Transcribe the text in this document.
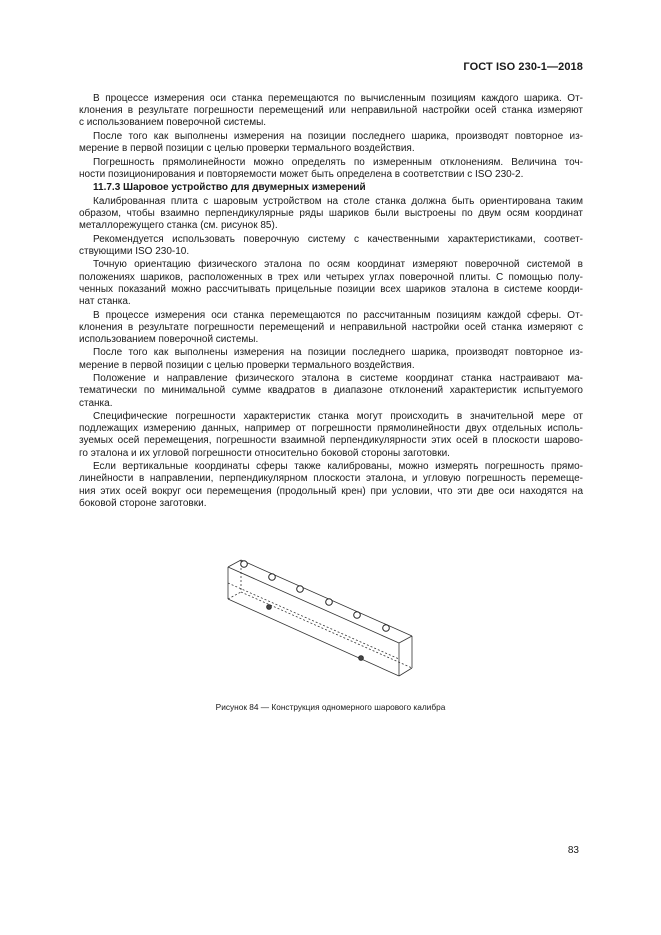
ГОСТ ISO 230-1—2018
В процессе измерения оси станка перемещаются по вычисленным позициям каждого шарика. От-
клонения в результате погрешности перемещений или неправильной настройки осей станка измеряют
с использованием поверочной системы.
После того как выполнены измерения на позиции последнего шарика, производят повторное из-
мерение в первой позиции с целью проверки термального воздействия.
Погрешность прямолинейности можно определять по измеренным отклонениям. Величина точ-
ности позиционирования и повторяемости может быть определена в соответствии с ISO 230-2.
11.7.3 Шаровое устройство для двумерных измерений
Калиброванная плита с шаровым устройством на столе станка должна быть ориентирована таким
образом, чтобы взаимно перпендикулярные ряды шариков были выстроены по двум осям координат
металлорежущего станка (см. рисунок 85).
Рекомендуется использовать поверочную систему с качественными характеристиками, соответ-
ствующими ISO 230-10.
Точную ориентацию физического эталона по осям координат измеряют поверочной системой в
положениях шариков, расположенных в трех или четырех углах поверочной плиты. С помощью полу-
ченных показаний можно рассчитывать прицельные позиции всех шариков эталона в системе коорди-
нат станка.
В процессе измерения оси станка перемещаются по рассчитанным позициям каждой сферы. От-
клонения в результате погрешности перемещений и неправильной настройки осей станка измеряют с
использованием поверочной системы.
После того как выполнены измерения на позиции последнего шарика, производят повторное из-
мерение в первой позиции с целью проверки термального воздействия.
Положение и направление физического эталона в системе координат станка настраивают ма-
тематически по минимальной сумме квадратов в диапазоне отклонений характеристик испытуемого
станка.
Специфические погрешности характеристик станка могут происходить в значительной мере от
подлежащих измерению данных, например от погрешности прямолинейности двух отдельных исполь-
зуемых осей перемещения, погрешности взаимной перпендикулярности этих осей в плоскости шарово-
го эталона и их угловой погрешности относительно боковой стороны заготовки.
Если вертикальные координаты сферы также калиброваны, можно измерять погрешность прямо-
линейности в направлении, перпендикулярном плоскости эталона, и угловую погрешность перемеще-
ния этих осей вокруг оси перемещения (продольный крен) при условии, что эти две оси находятся на
боковой стороне заготовки.
Рисунок 84 — Конструкция одномерного шарового калибра
83
